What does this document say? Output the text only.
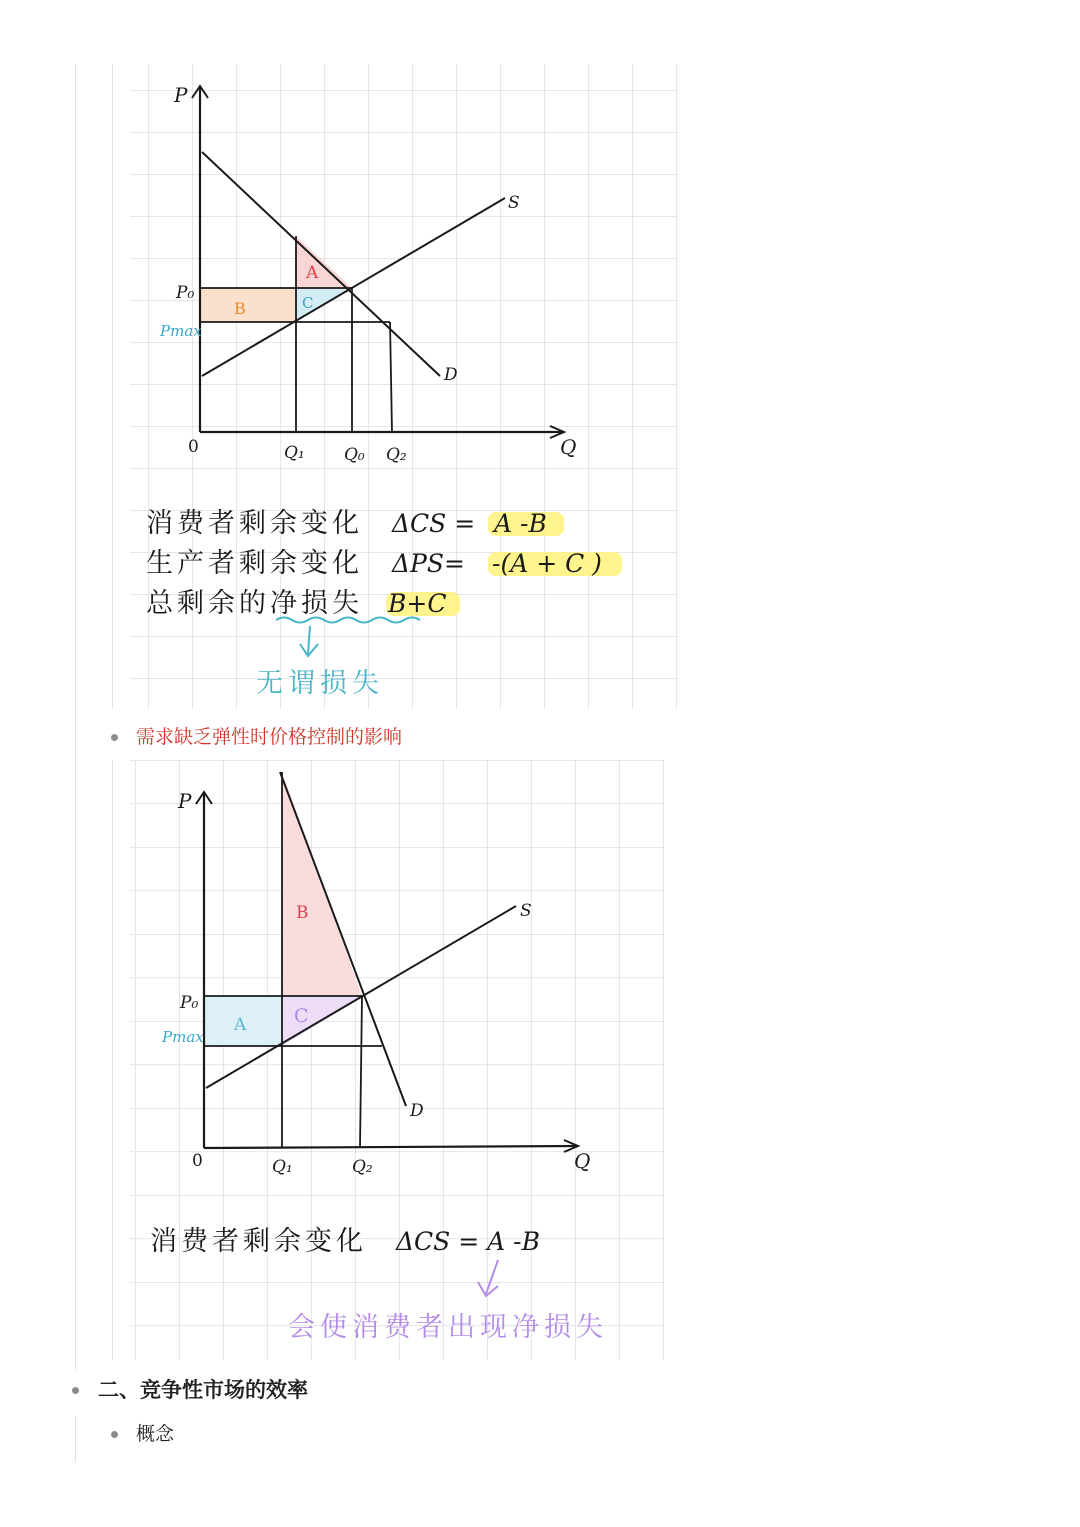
P
Q
0
S
D
P₀
Pmax
Q₁ Q₀ Q₂
A
B	C
消费者剩余变化 ΔCS = A -B
生产者剩余变化 ΔPS= -(A + C )
总剩余的净损失 B+C
无谓损失
需求缺乏弹性时价格控制的影响
P
Q
0
S
D
P₀
Pmax
Q₁	Q₂
B
A	C
消费者剩余变化 ΔCS = A -B
会使消费者出现净损失
二、竞争性市场的效率
概念
